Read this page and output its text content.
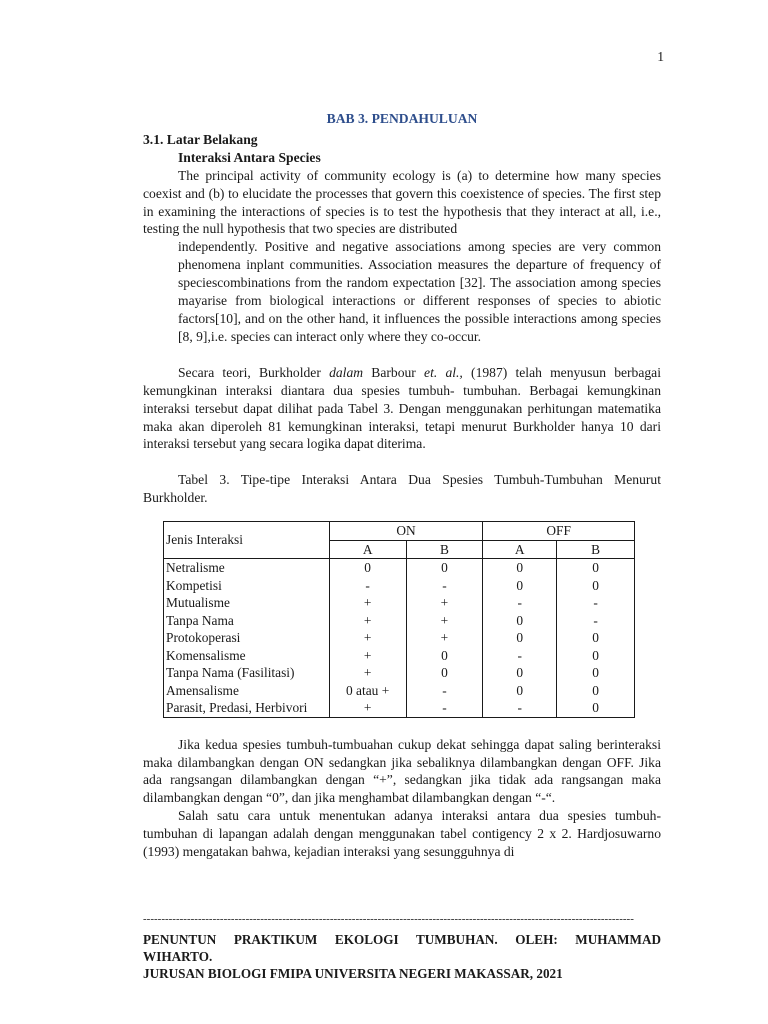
1
BAB 3. PENDAHULUAN
3.1. Latar Belakang
Interaksi Antara Species

The principal activity of community ecology is (a) to determine how many species coexist and (b) to elucidate the processes that govern this coexistence of species. The first step in examining the interactions of species is to test the hypothesis that they interact at all, i.e., testing the null hypothesis that two species are distributed

independently. Positive and negative associations among species are very common phenomena inplant communities. Association measures the departure of frequency of speciescombinations from the random expectation [32]. The association among species mayarise from biological interactions or different responses of species to abiotic factors[10], and on the other hand, it influences the possible interactions among species [8, 9],i.e. species can interact only where they co-occur.

Secara teori, Burkholder dalam Barbour et. al., (1987) telah menyusun berbagai kemungkinan interaksi diantara dua spesies tumbuh- tumbuhan. Berbagai kemungkinan interaksi tersebut dapat dilihat pada Tabel 3. Dengan menggunakan perhitungan matematika maka akan diperoleh 81 kemungkinan interaksi, tetapi menurut Burkholder hanya 10 dari interaksi tersebut yang secara logika dapat diterima.

Tabel 3. Tipe-tipe Interaksi Antara Dua Spesies Tumbuh-Tumbuhan Menurut Burkholder.

Jenis Interaksi	ON		OFF	
	A	B	A	B
Netralisme	0	0	0	0
Kompetisi	-	-	0	0
Mutualisme	+	+	-	-
Tanpa Nama	+	+	0	-
Protokoperasi	+	+	0	0
Komensalisme	+	0	-	0
Tanpa Nama (Fasilitasi)	+	0	0	0
Amensalisme	0 atau +	-	0	0
Parasit, Predasi, Herbivori	+	-	-	0

Jika kedua spesies tumbuh-tumbuahan cukup dekat sehingga dapat saling berinteraksi maka dilambangkan dengan ON sedangkan jika sebaliknya dilambangkan dengan OFF. Jika ada rangsangan dilambangkan dengan “+”, sedangkan jika tidak ada rangsangan maka dilambangkan dengan “0”, dan jika menghambat dilambangkan dengan “-“.

Salah satu cara untuk menentukan adanya interaksi antara dua spesies tumbuh-tumbuhan di lapangan adalah dengan menggunakan tabel contigency 2 x 2. Hardjosuwarno (1993) mengatakan bahwa, kejadian interaksi yang sesungguhnya di

--------------------------------------------------------------------------------------------------------------------------------------
PENUNTUN PRAKTIKUM EKOLOGI TUMBUHAN. OLEH: MUHAMMAD WIHARTO.
JURUSAN BIOLOGI FMIPA UNIVERSITA NEGERI MAKASSAR, 2021
